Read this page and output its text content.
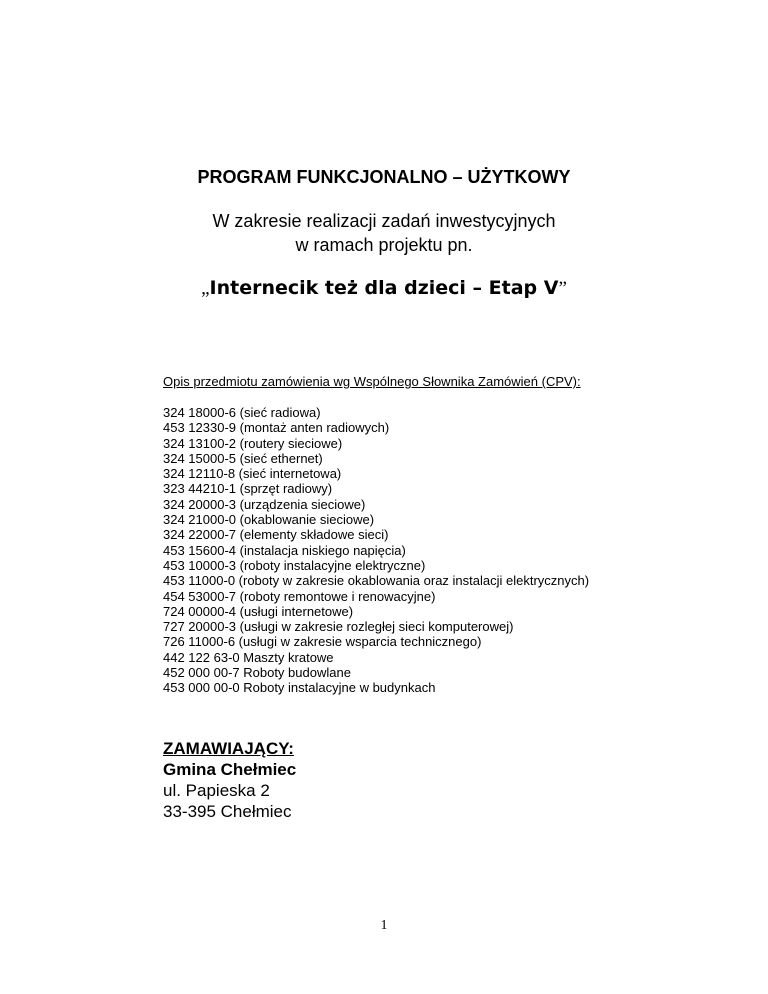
PROGRAM FUNKCJONALNO – UŻYTKOWY
W zakresie realizacji zadań inwestycyjnych
w ramach projektu pn.
„Internecik też dla dzieci – Etap V”
Opis przedmiotu zamówienia wg Wspólnego Słownika Zamówień (CPV):
324 18000-6 (sieć radiowa)
453 12330-9 (montaż anten radiowych)
324 13100-2 (routery sieciowe)
324 15000-5 (sieć ethernet)
324 12110-8 (sieć internetowa)
323 44210-1 (sprzęt radiowy)
324 20000-3 (urządzenia sieciowe)
324 21000-0 (okablowanie sieciowe)
324 22000-7 (elementy składowe sieci)
453 15600-4 (instalacja niskiego napięcia)
453 10000-3 (roboty instalacyjne elektryczne)
453 11000-0 (roboty w zakresie okablowania oraz instalacji elektrycznych)
454 53000-7 (roboty remontowe i renowacyjne)
724 00000-4 (usługi internetowe)
727 20000-3 (usługi w zakresie rozległej sieci komputerowej)
726 11000-6 (usługi w zakresie wsparcia technicznego)
442 122 63-0 Maszty kratowe
452 000 00-7 Roboty budowlane
453 000 00-0 Roboty instalacyjne w budynkach
ZAMAWIAJĄCY:
Gmina Chełmiec
ul. Papieska 2
33-395 Chełmiec
1
